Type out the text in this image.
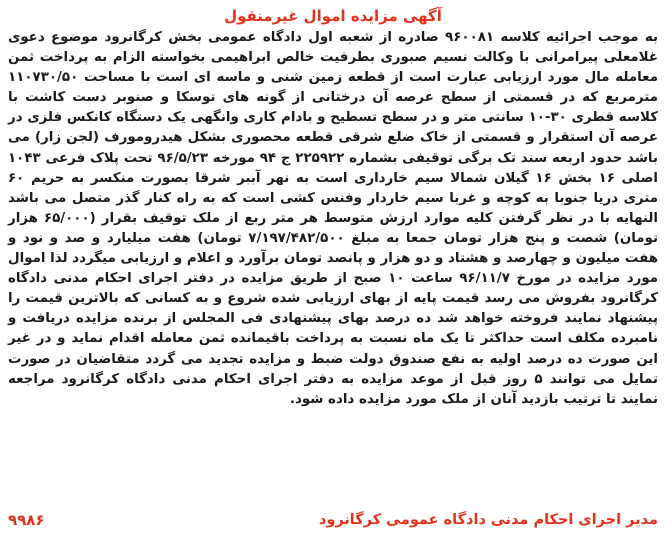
آگهی مزایده اموال غیرمنقول

به موجب اجرائیه کلاسه ۹۶۰۰۸۱ صادره از شعبه اول دادگاه عمومی بخش کرگانرود موضوع دعوی غلامعلی پیرامرانی با وکالت نسیم صبوری بطرفیت خالص ابراهیمی بخواسته الزام به پرداخت ثمن معامله مال مورد ارزیابی عبارت است از قطعه زمین شنی و ماسه ای است با مساحت ۱۱۰۷۳۰/۵۰ مترمربع که در قسمتی از سطح عرصه آن درختانی از گونه های توسکا و صنوبر دست کاشت با کلاسه قطری ۳۰-۱۰ سانتی متر و در سطح تسطیح و بادام کاری وانگهی یک دستگاه کانکس فلزی در عرصه آن استقرار و قسمتی از خاک ضلع شرقی قطعه محصوری بشکل هیدرومورف (لجن زار) می باشد حدود اربعه سند تک برگی توقیفی بشماره ۲۲۵۹۲۲ ج ۹۴ مورخه ۹۶/۵/۲۳ تحت پلاک فرعی ۱۰۴۳ اصلی ۱۶ بخش ۱۶ گیلان شمالا سیم خارداری است به نهر آببر شرقا بصورت منکسر به حریم ۶۰ متری دریا جنوبا به کوچه و غربا سیم خاردار وفنس کشی است که به راه کنار گذر متصل می باشد النهایه با در نظر گرفتن کلیه موارد ارزش متوسط هر متر ربع از ملک توقیف بقرار (۶۵/۰۰۰ هزار تومان) شصت و پنج هزار تومان جمعا به مبلغ ۷/۱۹۷/۴۸۲/۵۰۰ تومان) هفت میلیارد و صد و نود و هفت میلیون و چهارصد و هشتاد و دو هزار و پانصد تومان برآورد و اعلام و ارزیابی میگردد لذا اموال مورد مزایده در مورخ ۹۶/۱۱/۷ ساعت ۱۰ صبح از طریق مزایده در دفتر اجرای احکام مدنی دادگاه کرگانرود بفروش می رسد قیمت پایه از بهای ارزیابی شده شروع و به کسانی که بالاترین قیمت را پیشنهاد نمایند فروخته خواهد شد ده درصد بهای پیشنهادی فی المجلس از برنده مزایده دریافت و نامبرده مکلف است حداکثر تا یک ماه نسبت به پرداخت باقیمانده ثمن معامله اقدام نماید و در غیر این صورت ده درصد اولیه به نفع صندوق دولت ضبط و مزایده تجدید می گردد متقاضیان در صورت تمایل می توانند ۵ روز قبل از موعد مزایده به دفتر اجرای احکام مدنی دادگاه کرگانرود مراجعه نمایند تا ترتیب بازدید آنان از ملک مورد مزایده داده شود.

مدیر اجرای احکام مدنی دادگاه عمومی کرگانرود
۹۹۸۶
